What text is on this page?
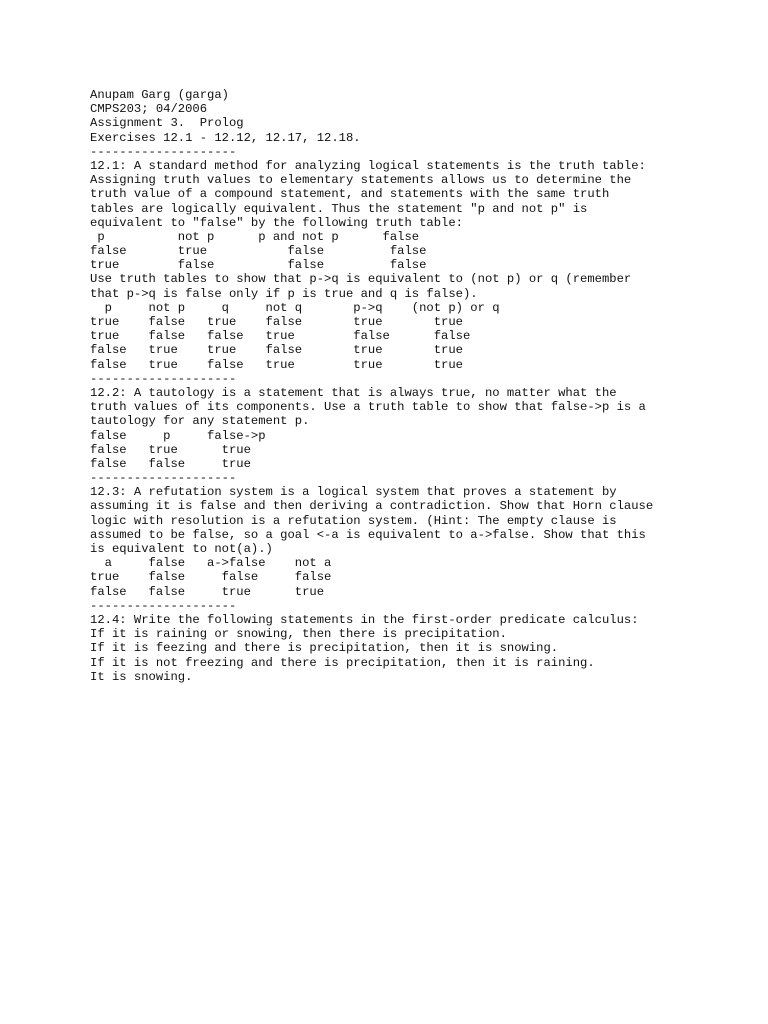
Anupam Garg (garga)
CMPS203; 04/2006
Assignment 3.  Prolog
Exercises 12.1 - 12.12, 12.17, 12.18.
--------------------
12.1: A standard method for analyzing logical statements is the truth table:
Assigning truth values to elementary statements allows us to determine the
truth value of a compound statement, and statements with the same truth
tables are logically equivalent. Thus the statement "p and not p" is
equivalent to "false" by the following truth table:
p          not p      p and not p      false
false       true           false         false
true        false          false         false
Use truth tables to show that p->q is equivalent to (not p) or q (remember
that p->q is false only if p is true and q is false).
p     not p     q     not q       p->q    (not p) or q
true    false   true    false       true       true
true    false   false   true        false      false
false   true    true    false       true       true
false   true    false   true        true       true
--------------------
12.2: A tautology is a statement that is always true, no matter what the
truth values of its components. Use a truth table to show that false->p is a
tautology for any statement p.
false     p     false->p
false   true      true
false   false     true
--------------------
12.3: A refutation system is a logical system that proves a statement by
assuming it is false and then deriving a contradiction. Show that Horn clause
logic with resolution is a refutation system. (Hint: The empty clause is
assumed to be false, so a goal <-a is equivalent to a->false. Show that this
is equivalent to not(a).)
a     false   a->false    not a
true    false     false     false
false   false     true      true
--------------------
12.4: Write the following statements in the first-order predicate calculus:
If it is raining or snowing, then there is precipitation.
If it is feezing and there is precipitation, then it is snowing.
If it is not freezing and there is precipitation, then it is raining.
It is snowing.
